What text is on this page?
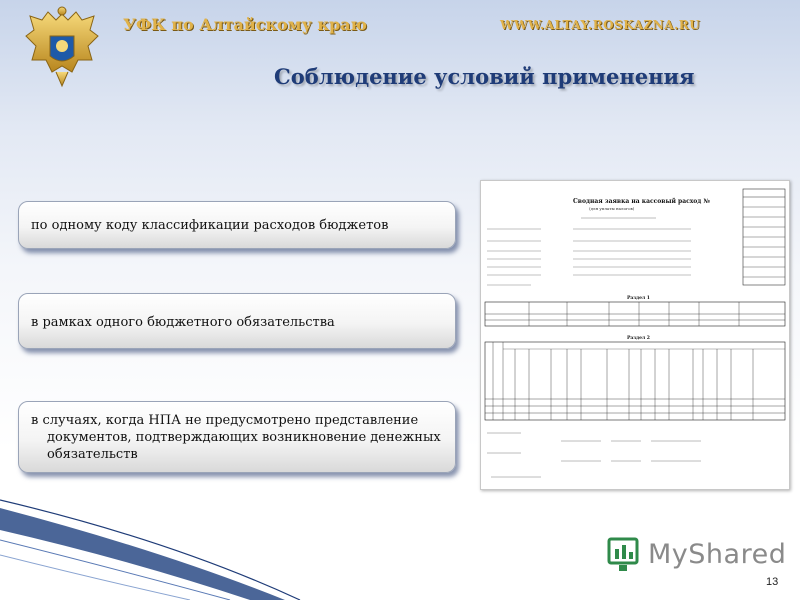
УФК по Алтайскому краю	WWW.ALTAY.ROSKAZNA.RU
Соблюдение условий применения
по одному коду классификации расходов бюджетов
в рамках одного бюджетного обязательства
в случаях, когда НПА не предусмотрено представление документов, подтверждающих возникновение денежных обязательств
Сводная заявка на кассовый расход №
(для уплаты налогов)
Раздел 1
Раздел 2
MyShared
13
